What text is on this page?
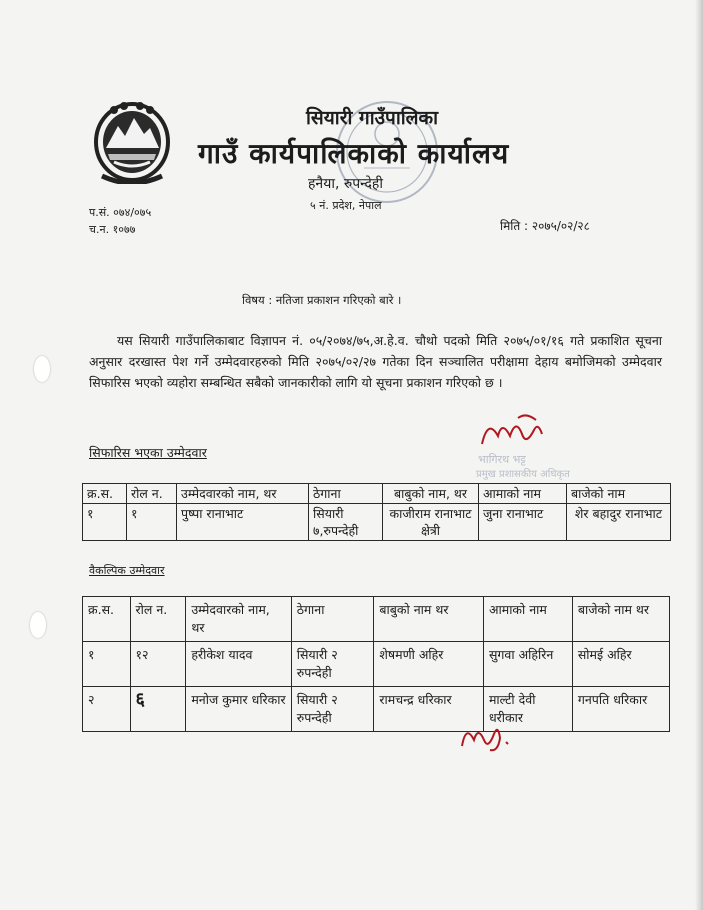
सियारी गाउँपालिका
गाउँ कार्यपालिकाको कार्यालय
हनैया, रुपन्देही
५ नं. प्रदेश, नेपाल
प.सं. ०७४/०७५
च.न. १०७७	मिति : २०७५/०२/२८
विषय : नतिजा प्रकाशन गरिएको बारे ।
यस सियारी गाउँपालिकाबाट विज्ञापन नं. ०५/२०७४/७५,अ.हे.व. चौथो पदको मिति २०७५/०१/१६ गते प्रकाशित सूचना अनुसार दरखास्त पेश गर्ने उम्मेदवारहरुको मिति २०७५/०२/२७ गतेका दिन सञ्चालित परीक्षामा देहाय बमोजिमको उम्मेदवार सिफारिस भएको व्यहोरा सम्बन्धित सबैको जानकारीको लागि यो सूचना प्रकाशन गरिएको छ ।
सिफारिस भएका उम्मेदवार	भागिरथ भट्ट
प्रमुख प्रशासकीय अधिकृत
क्र.स.	रोल न.	उम्मेदवारको नाम, थर	ठेगाना	बाबुको नाम, थर	आमाको नाम	बाजेको नाम
१	१	पुष्पा रानाभाट	सियारी ७,रुपन्देही	काजीराम रानाभाट क्षेत्री	जुना रानाभाट	शेर बहादुर रानाभाट
वैकल्पिक उम्मेदवार
क्र.स.	रोल न.	उम्मेदवारको नाम, थर	ठेगाना	बाबुको नाम थर	आमाको नाम	बाजेको नाम थर
१	१२	हरीकेश यादव	सियारी २ रुपन्देही	शेषमणी अहिर	सुगवा अहिरिन	सोमई अहिर
२	६	मनोज कुमार धरिकार	सियारी २ रुपन्देही	रामचन्द्र धरिकार	माल्टी देवी धरीकार	गनपति धरिकार
